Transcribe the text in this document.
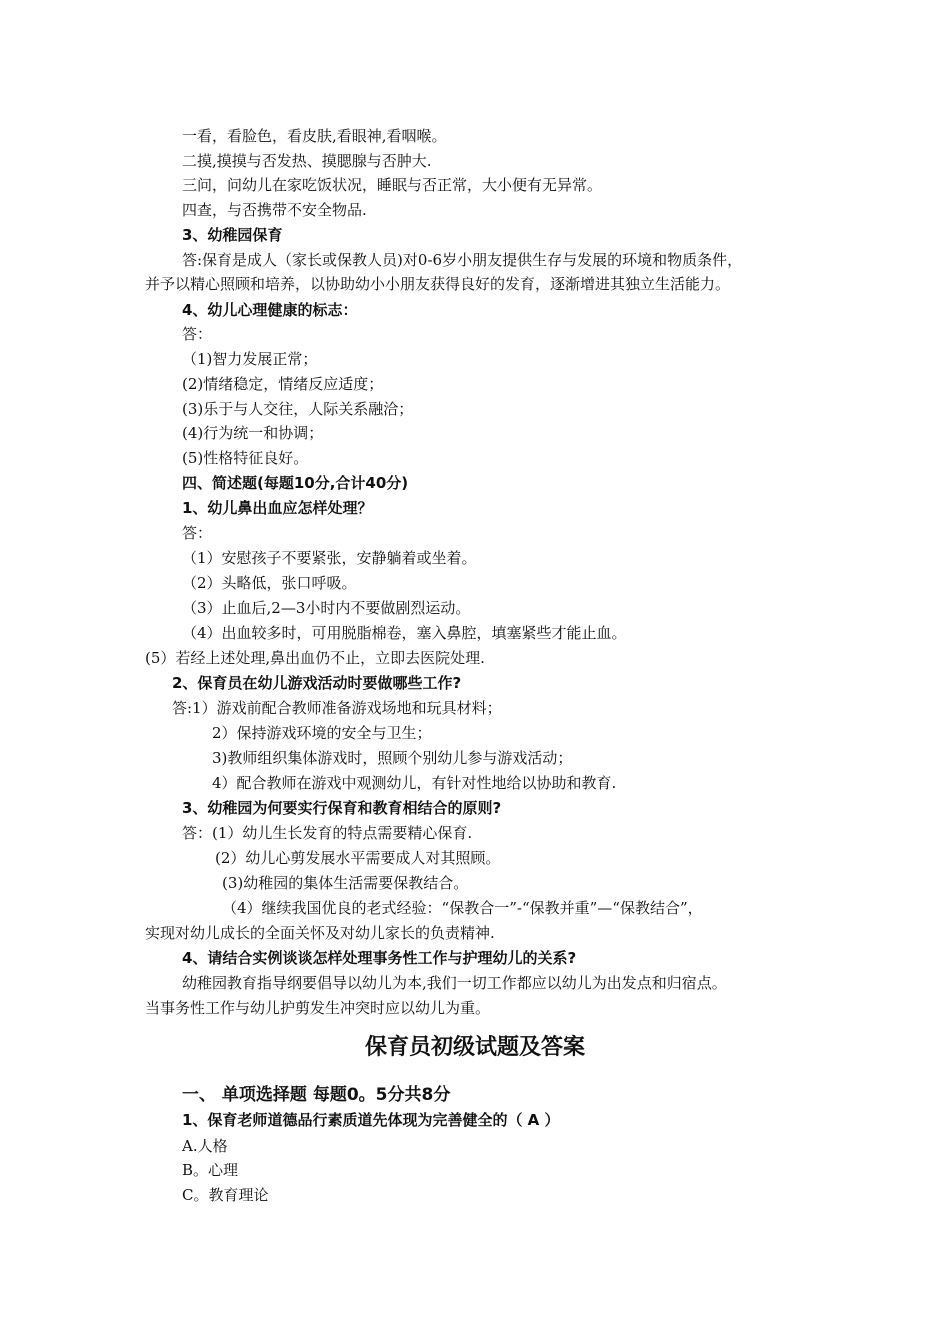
一看，看脸色，看皮肤,看眼神,看咽喉。
二摸,摸摸与否发热、摸腮腺与否肿大.
三问，问幼儿在家吃饭状况，睡眠与否正常，大小便有无异常。
四查，与否携带不安全物品.
3、幼稚园保育
答:保育是成人（家长或保教人员)对0-6岁小朋友提供生存与发展的环境和物质条件，
并予以精心照顾和培养，以协助幼小小朋友获得良好的发育，逐渐增进其独立生活能力。
4、幼儿心理健康的标志：
答：
（1)智力发展正常；
(2)情绪稳定，情绪反应适度；
(3)乐于与人交往，人际关系融洽；
(4)行为统一和协调；
(5)性格特征良好。
四、简述题(每题10分,合计40分)
1、幼儿鼻出血应怎样处理？
答：
（1）安慰孩子不要紧张，安静躺着或坐着。
（2）头略低，张口呼吸。
（3）止血后,2—3小时内不要做剧烈运动。
（4）出血较多时，可用脱脂棉卷，塞入鼻腔，填塞紧些才能止血。
(5）若经上述处理,鼻出血仍不止，立即去医院处理.
2、保育员在幼儿游戏活动时要做哪些工作?
答:1）游戏前配合教师准备游戏场地和玩具材料；
2）保持游戏环境的安全与卫生；
3)教师组织集体游戏时，照顾个别幼儿参与游戏活动；
4）配合教师在游戏中观测幼儿，有针对性地给以协助和教育.
3、幼稚园为何要实行保育和教育相结合的原则?
答：(1）幼儿生长发育的特点需要精心保育.
(2）幼儿心剪发展水平需要成人对其照顾。
(3)幼稚园的集体生活需要保教结合。
（4）继续我国优良的老式经验：“保教合一”-“保教并重”—“保教结合”，
实现对幼儿成长的全面关怀及对幼儿家长的负责精神.
4、请结合实例谈谈怎样处理事务性工作与护理幼儿的关系?
幼稚园教育指导纲要倡导以幼儿为本,我们一切工作都应以幼儿为出发点和归宿点。
当事务性工作与幼儿护剪发生冲突时应以幼儿为重。
保育员初级试题及答案
一、 单项选择题 每题0。5分共8分
1、保育老师道德品行素质道先体现为完善健全的（ A ）
A.人格
B。心理
C。教育理论
